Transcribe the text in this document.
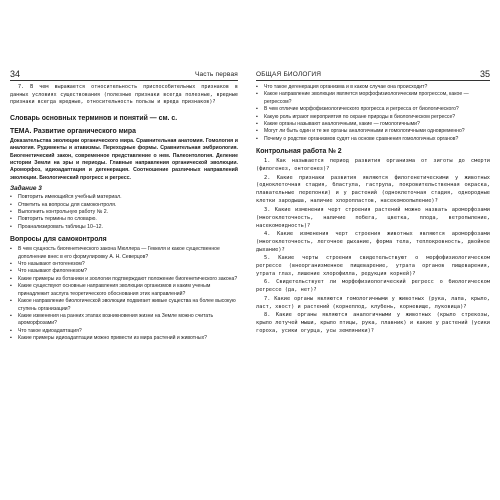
34	Часть первая

7. В чем выражается относительность приспособительных признаков в данных условиях существования (полезные признаки всегда полезные, вредные признаки всегда вредные, относительность пользы и вреда признаков)?

Словарь основных терминов и понятий — см. с.
ТЕМА. Развитие органического мира

Доказательства эволюции органического мира. Сравнительная анатомия. Гомология и аналогия. Рудименты и атавизмы. Переходные формы. Сравнительная эмбриология. Биогенетический закон, современное представление о нем. Палеонтология. Деление истории Земли на эры и периоды. Главные направления органической эволюции. Ароморфоз, идиоадаптация и дегенерация. Соотношение различных направлений эволюции. Биологический прогресс и регресс.

Задание 3
• Повторить имеющийся учебный материал.
• Ответить на вопросы для самоконтроля.
• Выполнить контрольную работу № 2.
• Повторить термины по словарю.
• Проанализировать таблицы 10–12.
Вопросы для самоконтроля
▪ В чем сущность биогенетического закона Мюллера — Геккеля и какое существенное дополнение внес в его формулировку А. Н. Северцов?
▪ Что называют онтогенезом?
▪ Что называют филогенезом?
▪ Какие примеры из ботаники и зоологии подтверждают положение биогенетического закона?
▪ Какие существуют основные направления эволюции организмов и каким ученым принадлежит заслуга теоретического обоснования этих направлений?
▪ Какое направление биологической эволюции подвигает живые существа на более высокую ступень организации?
▪ Какие изменения на ранних этапах возникновения жизни на Земле можно считать ароморфозами?
▪ Что такое идиоадаптация?
▪ Какие примеры идиоадаптации можно привести из мира растений и животных?
ОБЩАЯ БИОЛОГИЯ	35
▪ Что такое дегенерация организма и в каком случае она происходит?
▪ Какое направление эволюции является морфофизиологическим прогрессом, какое — регрессом?
▪ В чем отличие морфофизиологического прогресса и регресса от биологического?
▪ Какую роль играют мероприятия по охране природы в биологическом регрессе?
▪ Какие органы называют аналогичными, какие — гомологичными?
▪ Могут ли быть один и те же органы аналогичными и гомологичными одновременно?
▪ Почему о родстве организмов судят на основе сравнения гомологичных органов?
Контрольная работа № 2
1. Как называется период развития организма от зиготы до смерти (филогенез, онтогенез)?
2. Какие признаки развития являются филогенетическими у животных (одноклеточная стадия, бластула, гаструла, покровительственная окраска, плавательные перепонки) и у растений (одноклеточная стадия, однородные клетки зародыша, наличие хлоропластов, насекомоопыление)?
3. Какие изменения черт строения растений можно назвать ароморфозами (многоклеточность, наличие побега, цветка, плода, ветропыление, насекомоядность)?
4. Какие изменения черт строения животных являются ароморфозами (многоклеточность, легочное дыхание, форма тела, теплокровность, двойное дыхание)?
5. Какие черты строения свидетельствуют о морфофизиологическом регрессе (внеорганизменное пищеварение, утрата органов пищеварения, утрата глаз, лишение хлорофилла, редукция корней)?
6. Свидетельствует ли морфофизиологический регресс о биологическом регрессе (да, нет)?
7. Какие органы являются гомологичными у животных (рука, лапа, крыло, ласт, хвост) и растений (корнеплод, клубень, корневище, луковица)?
8. Какие органы являются аналогичными у животных (крыло стрекозы, крыло летучей мыши, крыло птицы, рука, плавник) и какие у растений (усики гороха, усики огурца, усы земляники)?
